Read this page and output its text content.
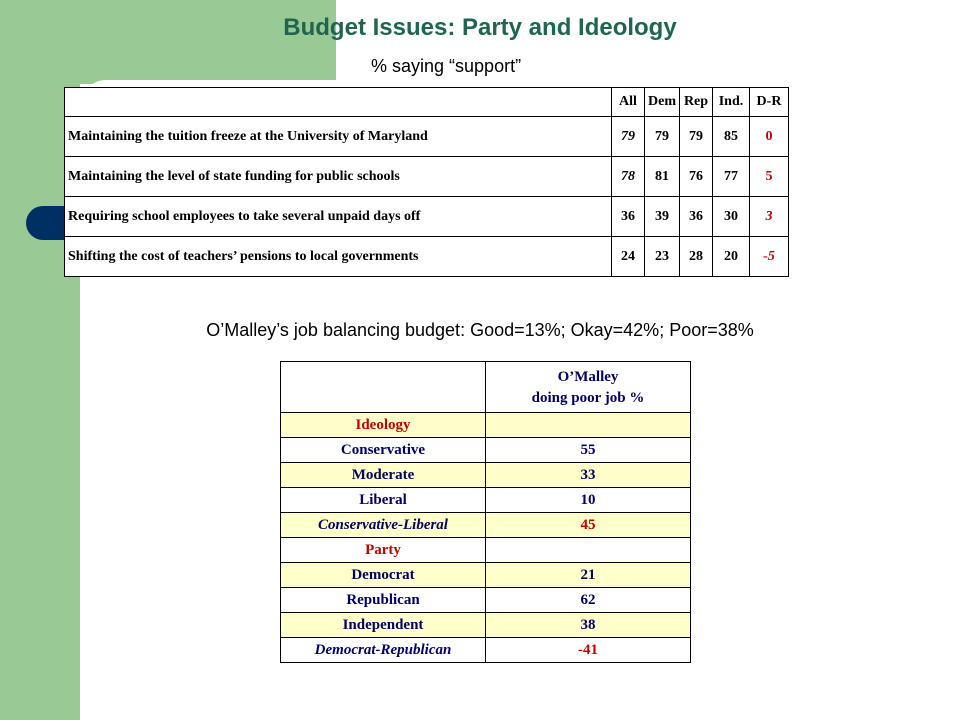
Budget Issues: Party and Ideology
% saying “support”
	All	Dem	Rep	Ind.	D-R
Maintaining the tuition freeze at the University of Maryland	79	79	79	85	0
Maintaining the level of state funding for public schools	78	81	76	77	5
Requiring school employees to take several unpaid days off	36	39	36	30	3
Shifting the cost of teachers’ pensions to local governments	24	23	28	20	-5
O’Malley’s job balancing budget: Good=13%; Okay=42%; Poor=38%
	O’Malley
doing poor job %
Ideology	
Conservative	55
Moderate	33
Liberal	10
Conservative-Liberal	45
Party	
Democrat	21
Republican	62
Independent	38
Democrat-Republican	-41
